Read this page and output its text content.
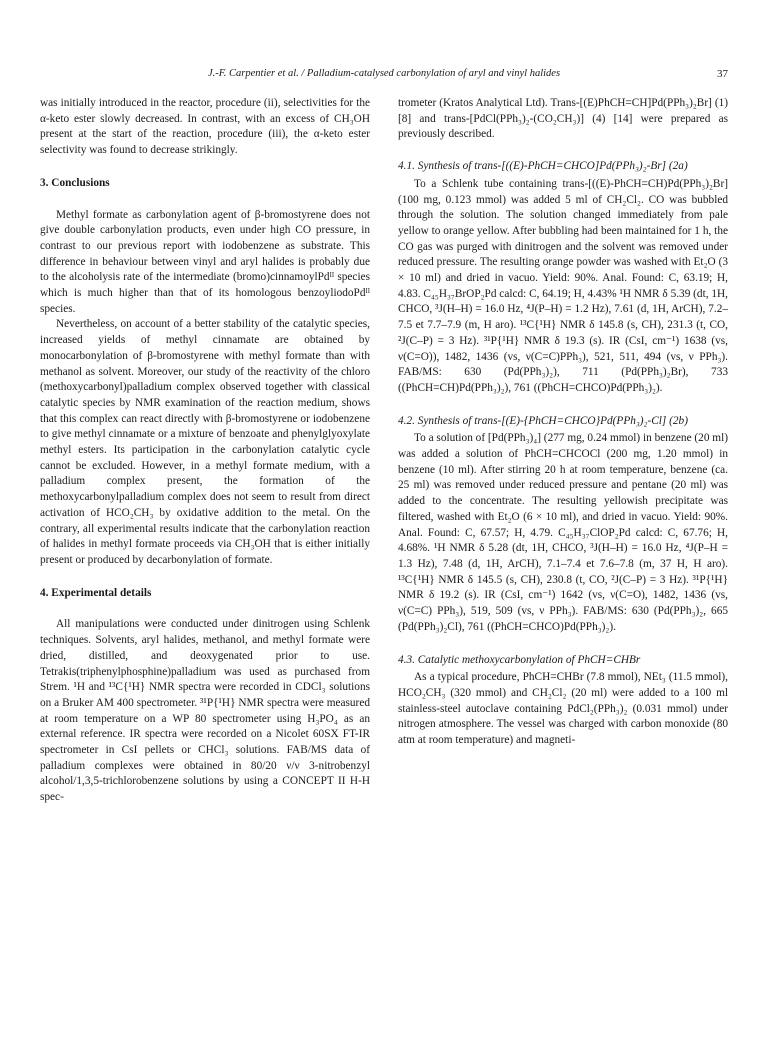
J.-F. Carpentier et al. / Palladium-catalysed carbonylation of aryl and vinyl halides	37

was initially introduced in the reactor, procedure (ii), selectivities for the α-keto ester slowly decreased. In contrast, with an excess of CH₃OH present at the start of the reaction, procedure (iii), the α-keto ester selectivity was found to decrease strikingly.

3. Conclusions

Methyl formate as carbonylation agent of β-bromostyrene does not give double carbonylation products, even under high CO pressure, in contrast to our previous report with iodobenzene as substrate. This difference in behaviour between vinyl and aryl halides is probably due to the alcoholysis rate of the intermediate (bromo)cinnamoylPdᴵᴵ species which is much higher than that of its homologous benzoyliodoPdᴵᴵ species.

Nevertheless, on account of a better stability of the catalytic species, increased yields of methyl cinnamate are obtained by monocarbonylation of β-bromostyrene with methyl formate than with methanol as solvent. Moreover, our study of the reactivity of the chloro (methoxycarbonyl)palladium complex observed together with classical catalytic species by NMR examination of the reaction medium, shows that this complex can react directly with β-bromostyrene or iodobenzene to give methyl cinnamate or a mixture of benzoate and phenylglyoxylate methyl esters. Its participation in the carbonylation catalytic cycle cannot be excluded. However, in a methyl formate medium, with a palladium complex present, the formation of the methoxycarbonylpalladium complex does not seem to result from direct activation of HCO₂CH₃ by oxidative addition to the metal. On the contrary, all experimental results indicate that the carbonylation reaction of halides in methyl formate proceeds via CH₃OH that is either initially present or produced by decarbonylation of formate.

4. Experimental details

All manipulations were conducted under dinitrogen using Schlenk techniques. Solvents, aryl halides, methanol, and methyl formate were dried, distilled, and deoxygenated prior to use. Tetrakis(triphenylphosphine)palladium was used as purchased from Strem. ¹H and ¹³C{¹H} NMR spectra were recorded in CDCl₃ solutions on a Bruker AM 400 spectrometer. ³¹P{¹H} NMR spectra were measured at room temperature on a WP 80 spectrometer using H₃PO₄ as an external reference. IR spectra were recorded on a Nicolet 60SX FT-IR spectrometer in CsI pellets or CHCl₃ solutions. FAB/MS data of palladium complexes were obtained in 80/20 ν/ν 3-nitrobenzyl alcohol/1,3,5-trichlorobenzene solutions by using a CONCEPT II H-H spec-

trometer (Kratos Analytical Ltd). Trans-[(E)PhCH=CH]Pd(PPh₃)₂Br] (1) [8] and trans-[PdCl(PPh₃)₂-(CO₂CH₃)] (4) [14] were prepared as previously described.

4.1. Synthesis of trans-[((E)-PhCH=CHCO]Pd(PPh₃)₂-Br] (2a)

To a Schlenk tube containing trans-[((E)-PhCH=CH)Pd(PPh₃)₂Br] (100 mg, 0.123 mmol) was added 5 ml of CH₂Cl₂. CO was bubbled through the solution. The solution changed immediately from pale yellow to orange yellow. After bubbling had been maintained for 1 h, the CO gas was purged with dinitrogen and the solvent was removed under reduced pressure. The resulting orange powder was washed with Et₂O (3 × 10 ml) and dried in vacuo. Yield: 90%. Anal. Found: C, 63.19; H, 4.83. C₄₅H₃₇BrOP₂Pd calcd: C, 64.19; H, 4.43% ¹H NMR δ 5.39 (dt, 1H, CHCO, ³J(H–H) = 16.0 Hz, ⁴J(P–H) = 1.2 Hz), 7.61 (d, 1H, ArCH), 7.2–7.5 et 7.7–7.9 (m, H aro). ¹³C{¹H} NMR δ 145.8 (s, CH), 231.3 (t, CO, ²J(C–P) = 3 Hz). ³¹P{¹H} NMR δ 19.3 (s). IR (CsI, cm⁻¹) 1638 (vs, ν(C=O)), 1482, 1436 (vs, ν(C=C)PPh₃), 521, 511, 494 (vs, ν PPh₃). FAB/MS: 630 (Pd(PPh₃)₂), 711 (Pd(PPh₃)₂Br), 733 ((PhCH=CH)Pd(PPh₃)₂), 761 ((PhCH=CHCO)Pd(PPh₃)₂).

4.2. Synthesis of trans-[(E)-{PhCH=CHCO}Pd(PPh₃)₂-Cl] (2b)

To a solution of [Pd(PPh₃)₄] (277 mg, 0.24 mmol) in benzene (20 ml) was added a solution of PhCH=CHCOCl (200 mg, 1.20 mmol) in benzene (10 ml). After stirring 20 h at room temperature, benzene (ca. 25 ml) was removed under reduced pressure and pentane (20 ml) was added to the concentrate. The resulting yellowish precipitate was filtered, washed with Et₂O (6 × 10 ml), and dried in vacuo. Yield: 90%. Anal. Found: C, 67.57; H, 4.79. C₄₅H₃₇ClOP₂Pd calcd: C, 67.76; H, 4.68%. ¹H NMR δ 5.28 (dt, 1H, CHCO, ³J(H–H) = 16.0 Hz, ⁴J(P–H = 1.3 Hz), 7.48 (d, 1H, ArCH), 7.1–7.4 et 7.6–7.8 (m, 37 H, H aro). ¹³C{¹H} NMR δ 145.5 (s, CH), 230.8 (t, CO, ²J(C–P) = 3 Hz). ³¹P{¹H} NMR δ 19.2 (s). IR (CsI, cm⁻¹) 1642 (vs, ν(C=O), 1482, 1436 (vs, ν(C=C) PPh₃), 519, 509 (vs, ν PPh₃). FAB/MS: 630 (Pd(PPh₃)₂, 665 (Pd(PPh₃)₂Cl), 761 ((PhCH=CHCO)Pd(PPh₃)₂).

4.3. Catalytic methoxycarbonylation of PhCH=CHBr

As a typical procedure, PhCH=CHBr (7.8 mmol), NEt₃ (11.5 mmol), HCO₂CH₃ (320 mmol) and CH₂Cl₂ (20 ml) were added to a 100 ml stainless-steel autoclave containing PdCl₂(PPh₃)₂ (0.031 mmol) under nitrogen atmosphere. The vessel was charged with carbon monoxide (80 atm at room temperature) and magneti-
